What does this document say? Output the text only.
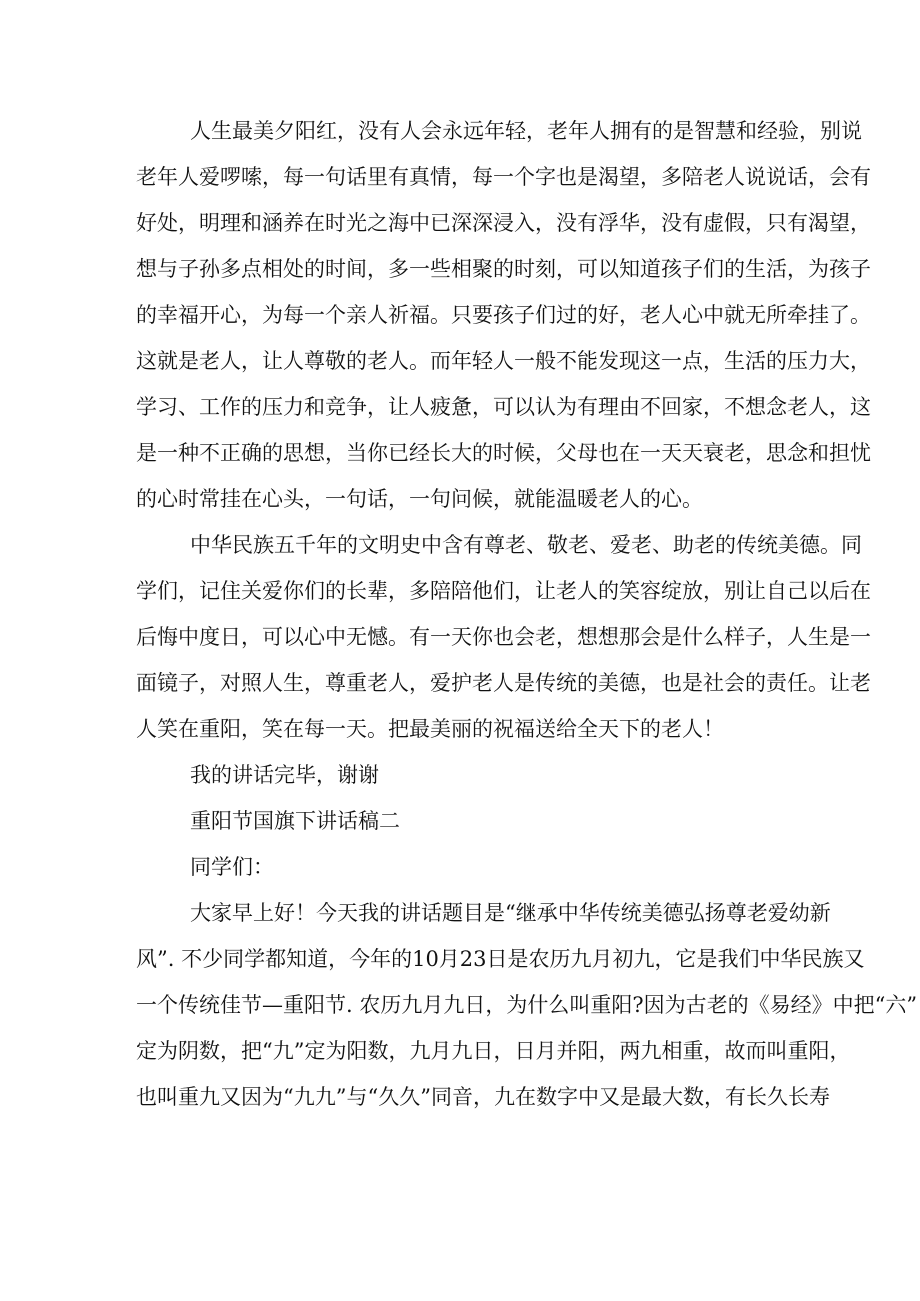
人生最美夕阳红，没有人会永远年轻，老年人拥有的是智慧和经验，别说
老年人爱啰嗦，每一句话里有真情，每一个字也是渴望，多陪老人说说话，会有
好处，明理和涵养在时光之海中已深深浸入，没有浮华，没有虚假，只有渴望，
想与子孙多点相处的时间，多一些相聚的时刻，可以知道孩子们的生活，为孩子
的幸福开心，为每一个亲人祈福。只要孩子们过的好，老人心中就无所牵挂了。
这就是老人，让人尊敬的老人。而年轻人一般不能发现这一点，生活的压力大，
学习、工作的压力和竞争，让人疲惫，可以认为有理由不回家，不想念老人，这
是一种不正确的思想，当你已经长大的时候，父母也在一天天衰老，思念和担忧
的心时常挂在心头，一句话，一句问候，就能温暖老人的心。
中华民族五千年的文明史中含有尊老、敬老、爱老、助老的传统美德。同
学们，记住关爱你们的长辈，多陪陪他们，让老人的笑容绽放，别让自己以后在
后悔中度日，可以心中无憾。有一天你也会老，想想那会是什么样子，人生是一
面镜子，对照人生，尊重老人，爱护老人是传统的美德，也是社会的责任。让老
人笑在重阳，笑在每一天。把最美丽的祝福送给全天下的老人！
我的讲话完毕，谢谢
重阳节国旗下讲话稿二
同学们：
大家早上好！今天我的讲话题目是“继承中华传统美德弘扬尊老爱幼新
风”. 不少同学都知道，今年的10月23日是农历九月初九，它是我们中华民族又
一个传统佳节—重阳节. 农历九月九日，为什么叫重阳?因为古老的《易经》中把“六”
定为阴数，把“九”定为阳数，九月九日，日月并阳，两九相重，故而叫重阳，
也叫重九又因为“九九”与“久久”同音，九在数字中又是最大数，有长久长寿
